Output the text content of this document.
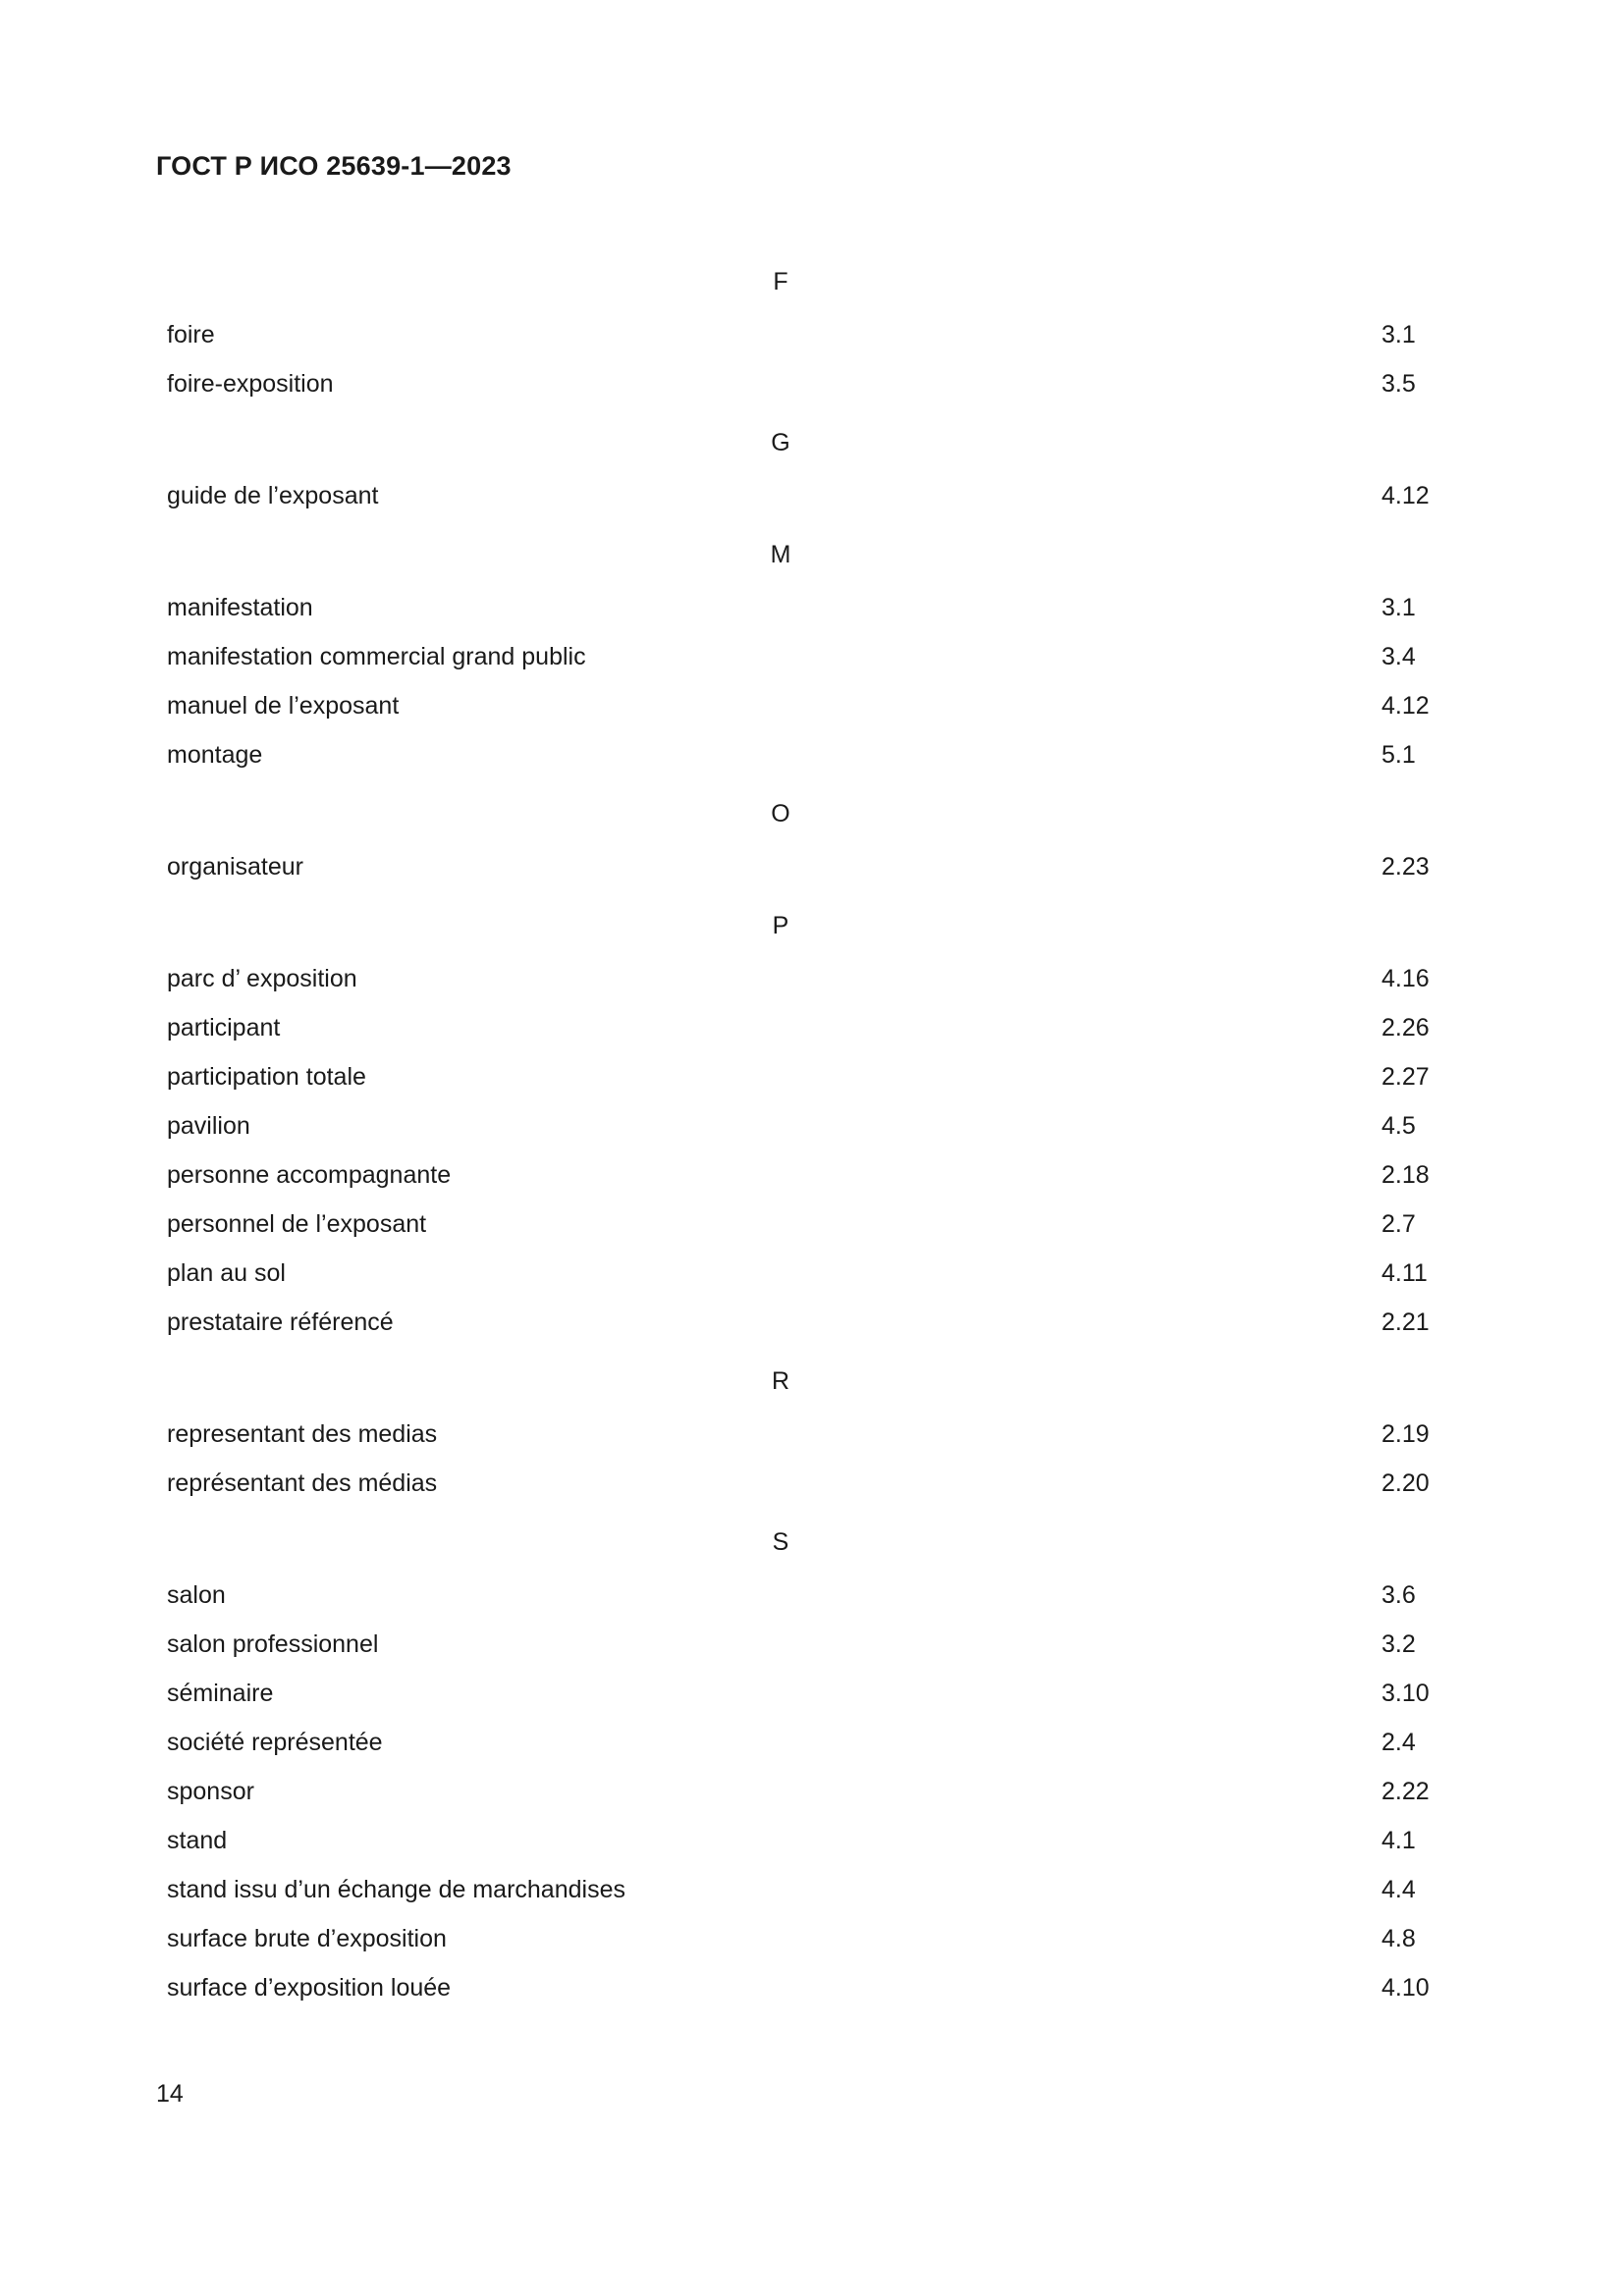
ГОСТ Р ИСО 25639-1—2023
F
foire	3.1
foire-exposition	3.5
G
guide de l’exposant	4.12
M
manifestation	3.1
manifestation commercial grand public	3.4
manuel de l’exposant	4.12
montage	5.1
O
organisateur	2.23
P
parc d’ exposition	4.16
participant	2.26
participation totale	2.27
pavilion	4.5
personne accompagnante	2.18
personnel de l’exposant	2.7
plan au sol	4.11
prestataire référencé	2.21
R
representant des medias	2.19
représentant des médias	2.20
S
salon	3.6
salon professionnel	3.2
séminaire	3.10
société représentée	2.4
sponsor	2.22
stand	4.1
stand issu d’un échange de marchandises	4.4
surface brute d’exposition	4.8
surface d’exposition louée	4.10
14
